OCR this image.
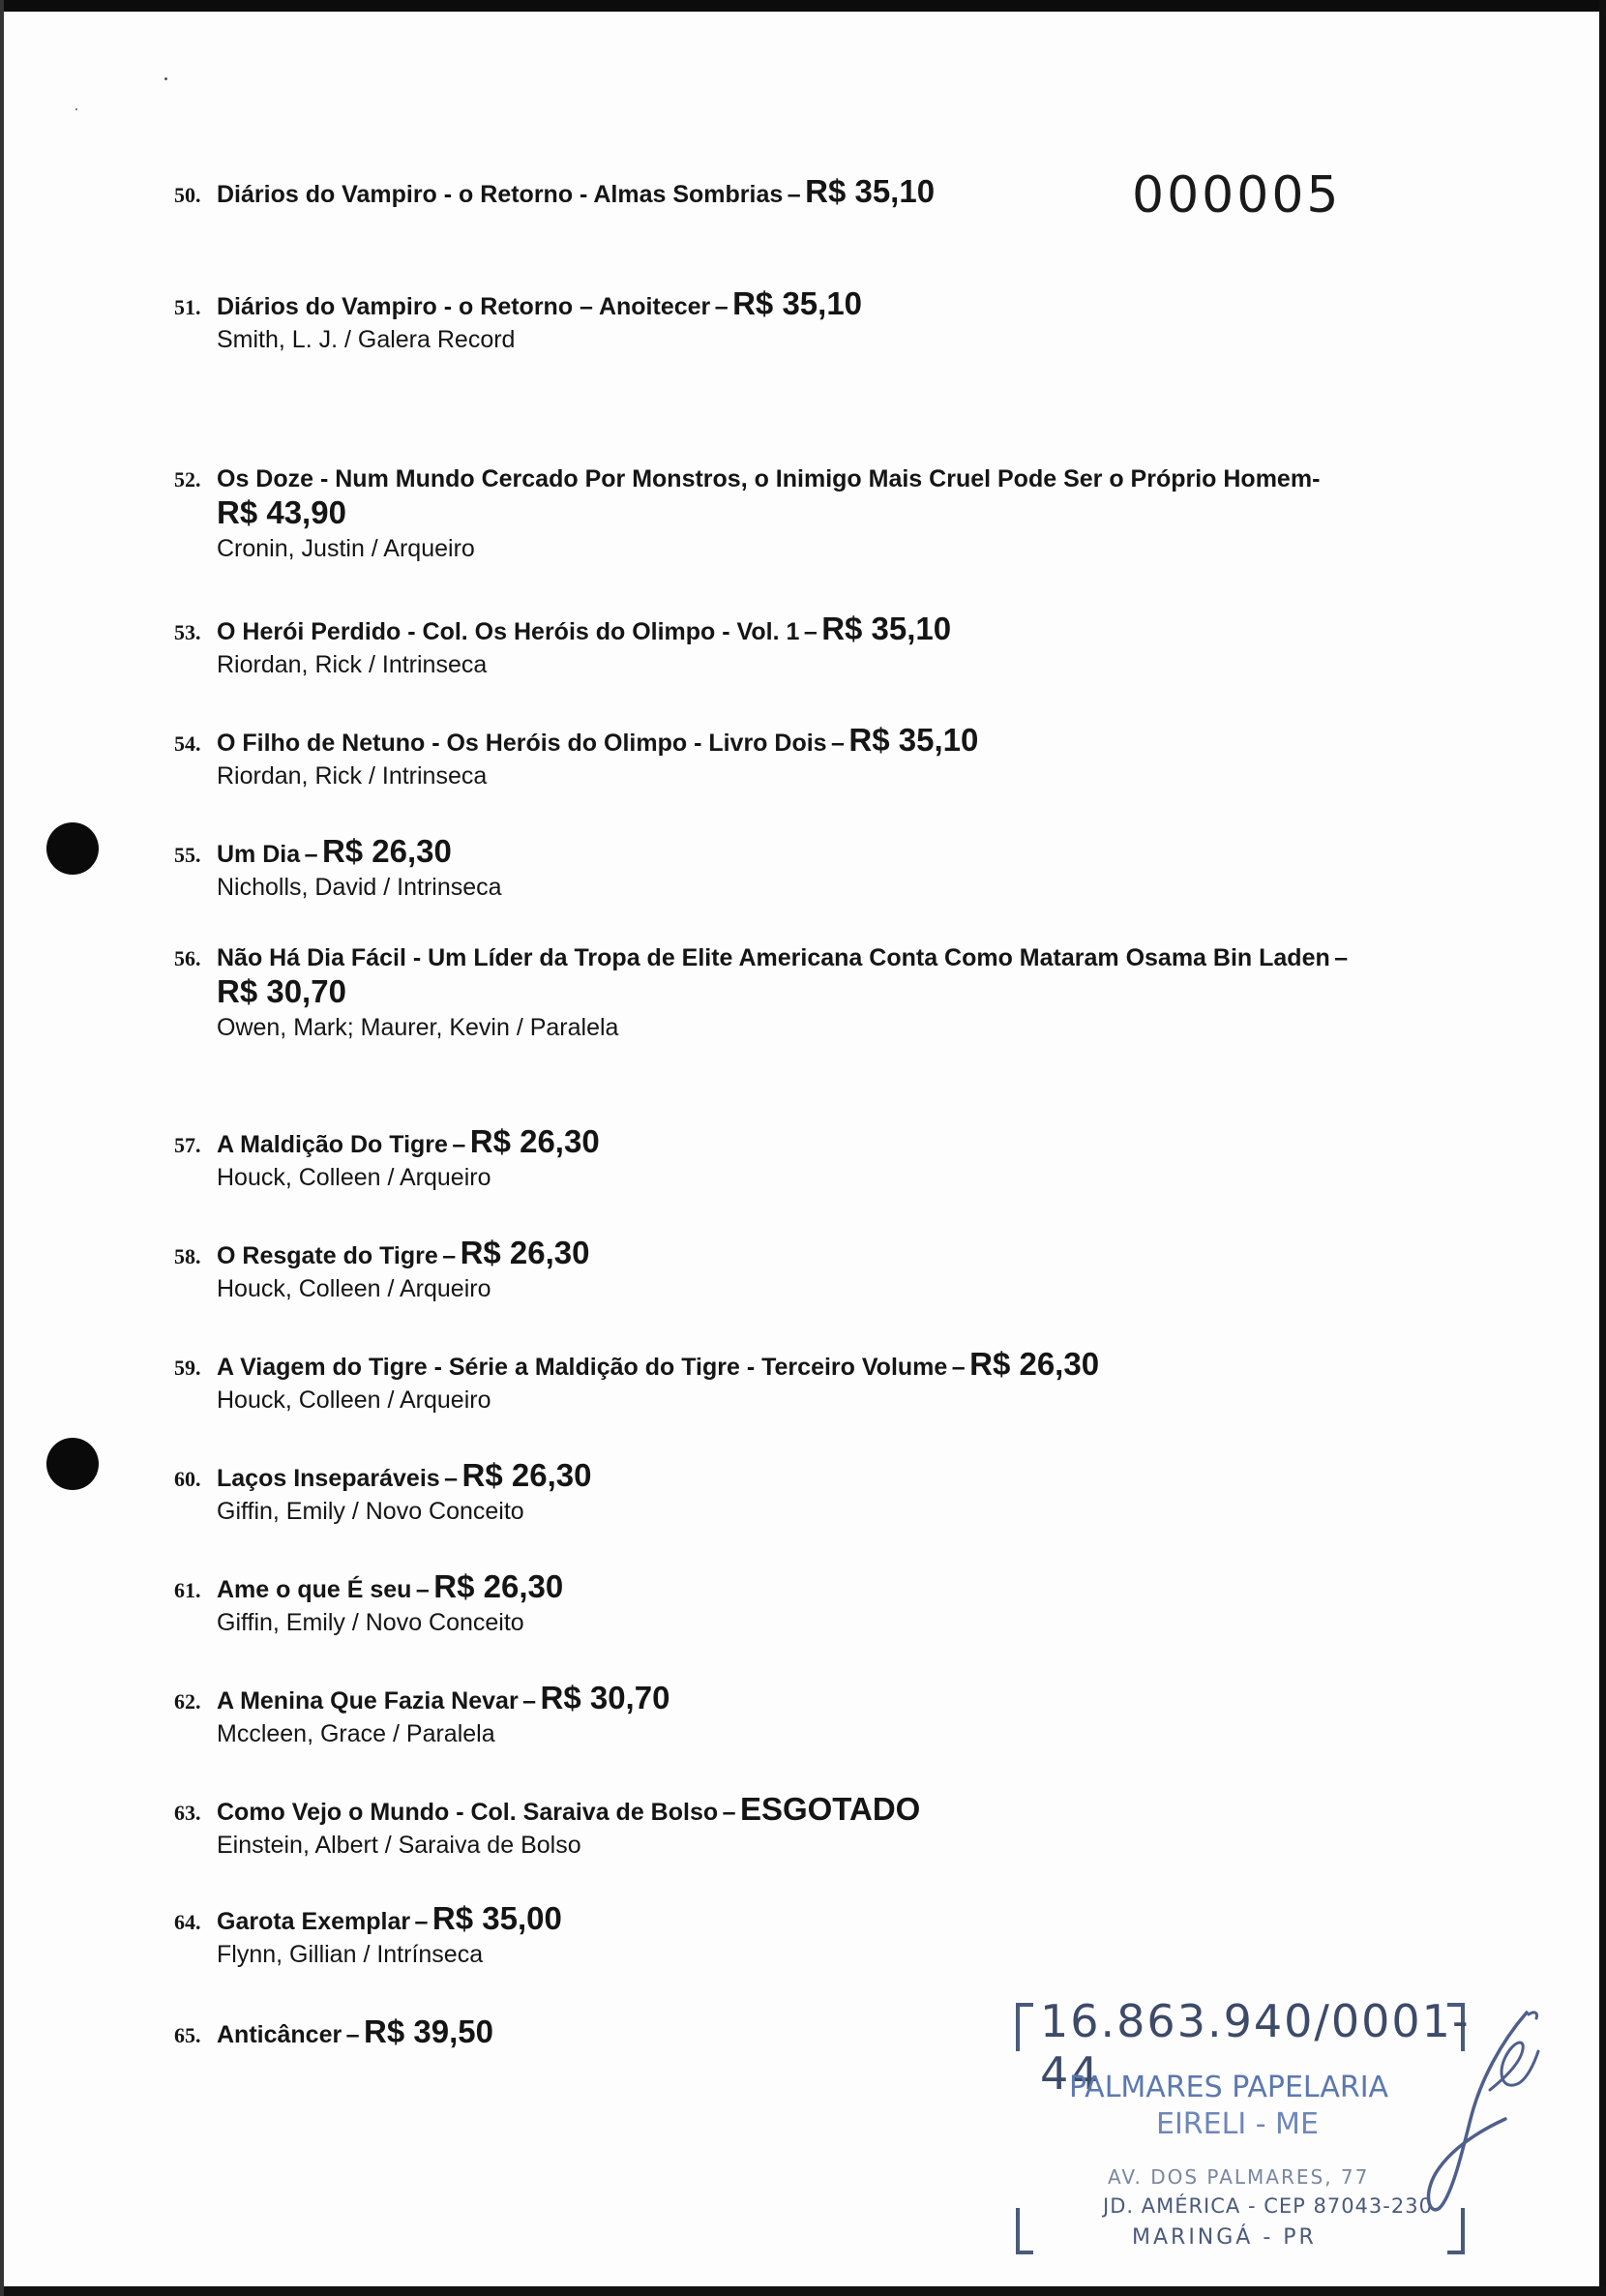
000005
50. Diários do Vampiro - o Retorno - Almas Sombrias – R$ 35,10
51. Diários do Vampiro - o Retorno – Anoitecer – R$ 35,10
Smith, L. J. / Galera Record
52. Os Doze - Num Mundo Cercado Por Monstros, o Inimigo Mais Cruel Pode Ser o Próprio Homem-
R$ 43,90
Cronin, Justin / Arqueiro
53. O Herói Perdido - Col. Os Heróis do Olimpo - Vol. 1 – R$ 35,10
Riordan, Rick / Intrinseca
54. O Filho de Netuno - Os Heróis do Olimpo - Livro Dois – R$ 35,10
Riordan, Rick / Intrinseca
55. Um Dia – R$ 26,30
Nicholls, David / Intrinseca
56. Não Há Dia Fácil - Um Líder da Tropa de Elite Americana Conta Como Mataram Osama Bin Laden –
R$ 30,70
Owen, Mark; Maurer, Kevin / Paralela
57. A Maldição Do Tigre – R$ 26,30
Houck, Colleen / Arqueiro
58. O Resgate do Tigre – R$ 26,30
Houck, Colleen / Arqueiro
59. A Viagem do Tigre - Série a Maldição do Tigre - Terceiro Volume – R$ 26,30
Houck, Colleen / Arqueiro
60. Laços Inseparáveis – R$ 26,30
Giffin, Emily / Novo Conceito
61. Ame o que É seu – R$ 26,30
Giffin, Emily / Novo Conceito
62. A Menina Que Fazia Nevar – R$ 30,70
Mccleen, Grace / Paralela
63. Como Vejo o Mundo - Col. Saraiva de Bolso – ESGOTADO
Einstein, Albert / Saraiva de Bolso
64. Garota Exemplar – R$ 35,00
Flynn, Gillian / Intrínseca
65. Anticâncer – R$ 39,50	16.863.940/0001-44
PALMARES PAPELARIA
EIRELI - ME
AV. DOS PALMARES, 77
JD. AMÉRICA - CEP 87043-230
MARINGÁ - PR
